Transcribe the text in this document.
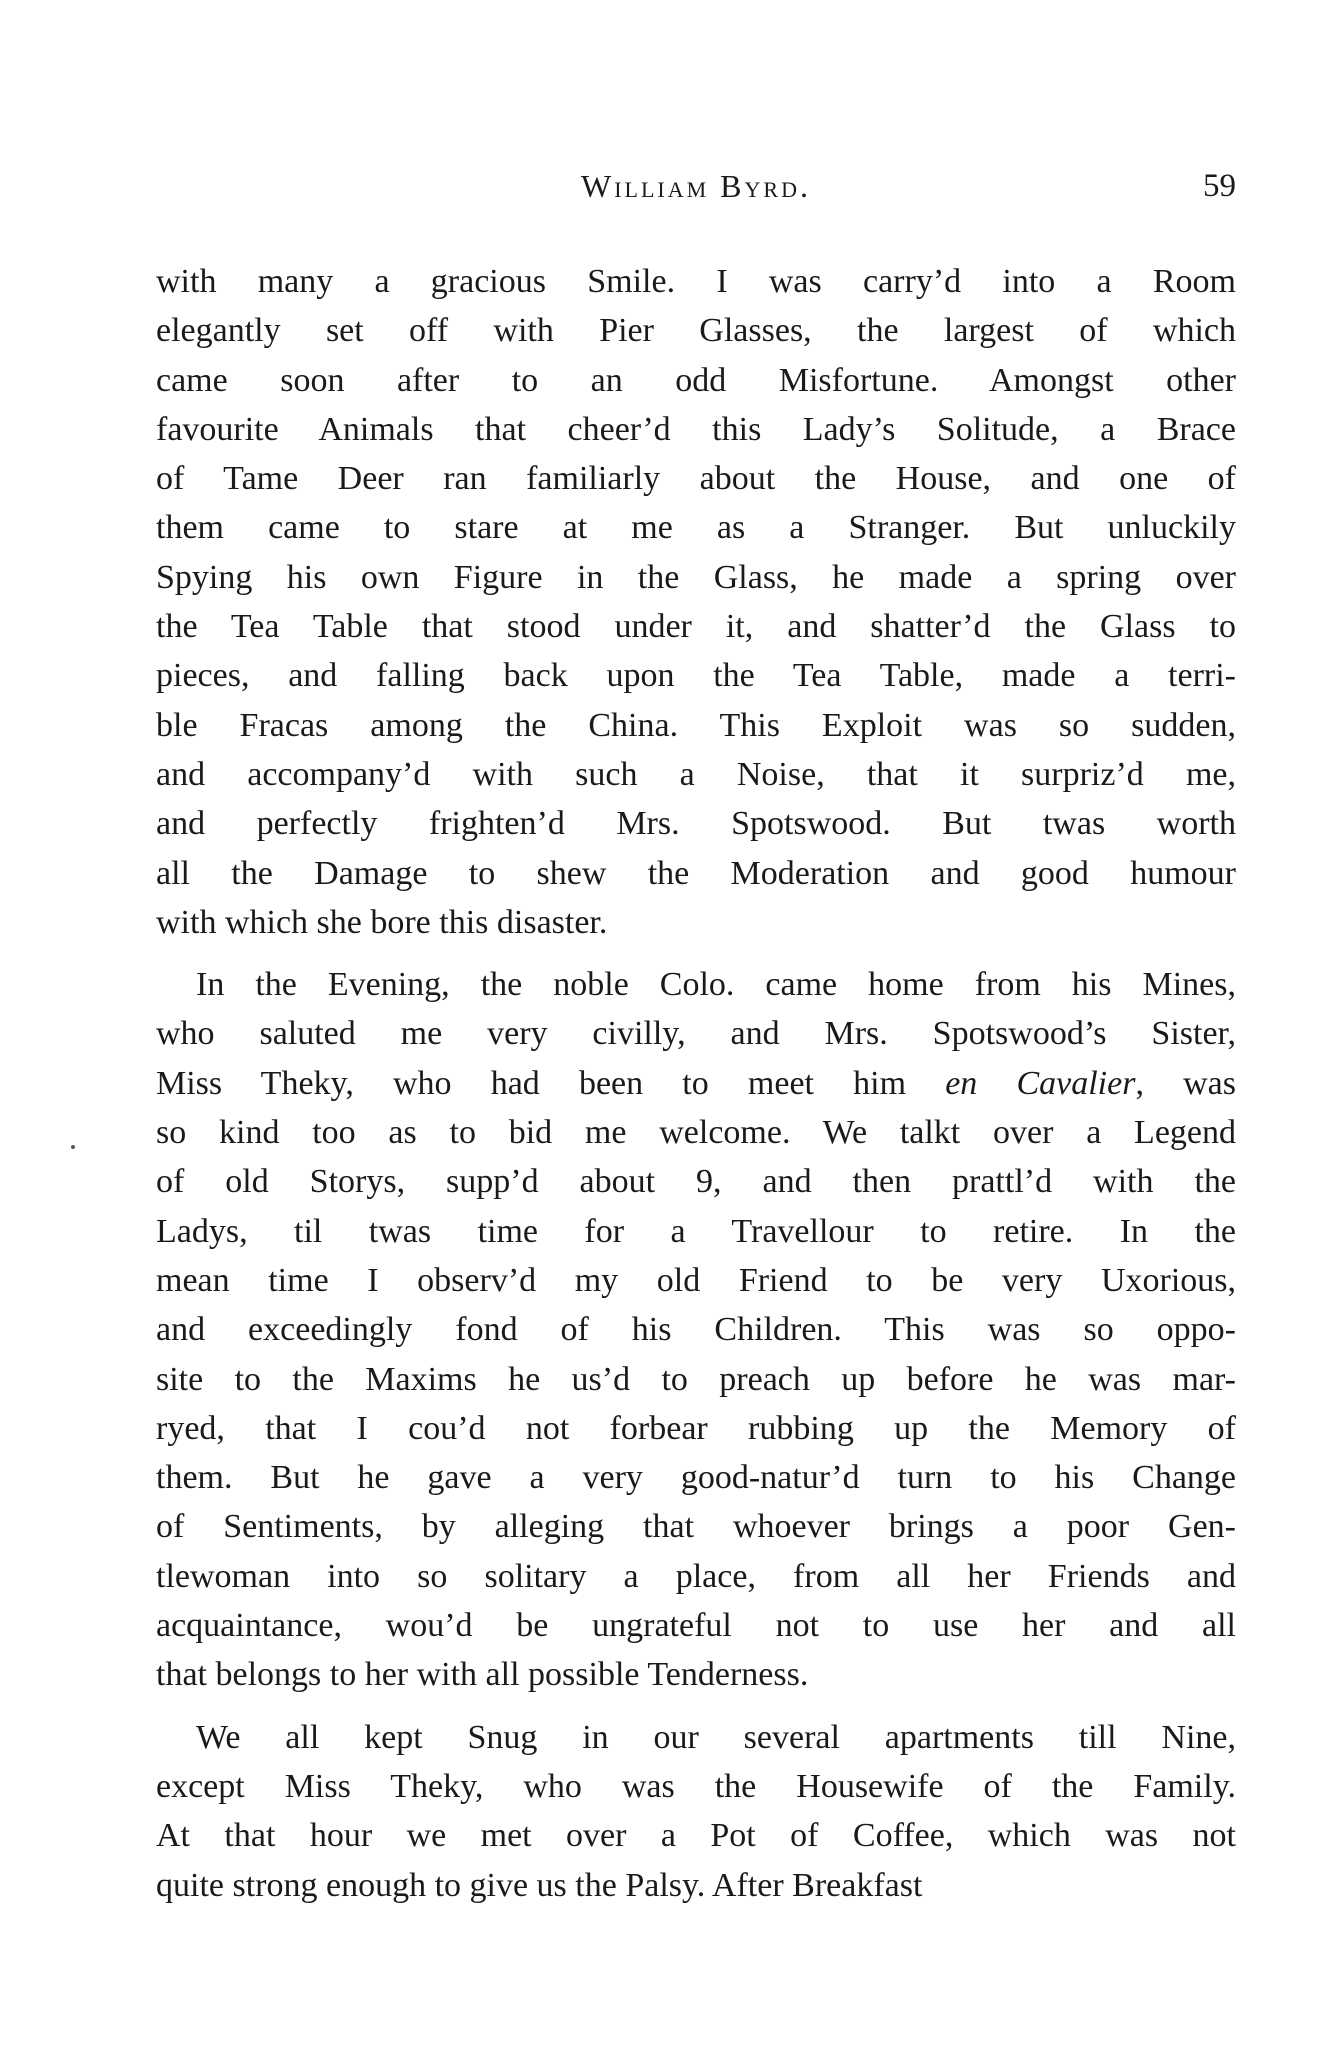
William Byrd.	59
with many a gracious Smile. I was carry’d into a Room
elegantly set off with Pier Glasses, the largest of which
came soon after to an odd Misfortune. Amongst other
favourite Animals that cheer’d this Lady’s Solitude, a Brace
of Tame Deer ran familiarly about the House, and one of
them came to stare at me as a Stranger. But unluckily
Spying his own Figure in the Glass, he made a spring over
the Tea Table that stood under it, and shatter’d the Glass to
pieces, and falling back upon the Tea Table, made a terri-
ble Fracas among the China. This Exploit was so sudden,
and accompany’d with such a Noise, that it surpriz’d me,
and perfectly frighten’d Mrs. Spotswood. But twas worth
all the Damage to shew the Moderation and good humour
with which she bore this disaster.
In the Evening, the noble Colo. came home from his Mines,
who saluted me very civilly, and Mrs. Spotswood’s Sister,
Miss Theky, who had been to meet him en Cavalier, was
so kind too as to bid me welcome. We talkt over a Legend
of old Storys, supp’d about 9, and then prattl’d with the
Ladys, til twas time for a Travellour to retire. In the
mean time I observ’d my old Friend to be very Uxorious,
and exceedingly fond of his Children. This was so oppo-
site to the Maxims he us’d to preach up before he was mar-
ryed, that I cou’d not forbear rubbing up the Memory of
them. But he gave a very good-natur’d turn to his Change
of Sentiments, by alleging that whoever brings a poor Gen-
tlewoman into so solitary a place, from all her Friends and
acquaintance, wou’d be ungrateful not to use her and all
that belongs to her with all possible Tenderness.
We all kept Snug in our several apartments till Nine,
except Miss Theky, who was the Housewife of the Family.
At that hour we met over a Pot of Coffee, which was not
quite strong enough to give us the Palsy. After Breakfast
